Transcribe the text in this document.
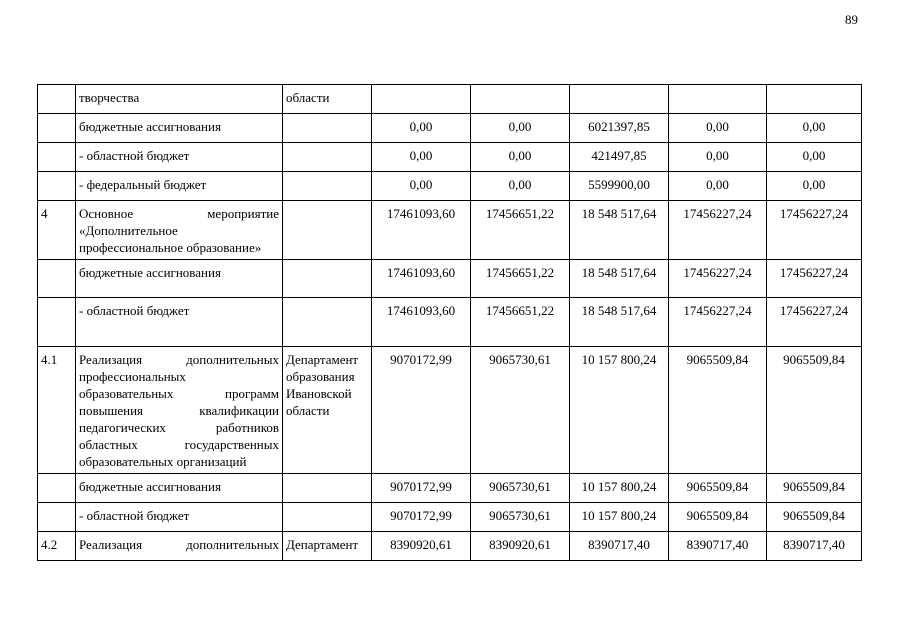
89
	творчества	области					
	бюджетные ассигнования		0,00	0,00	6021397,85	0,00	0,00
	- областной бюджет		0,00	0,00	421497,85	0,00	0,00
	- федеральный бюджет		0,00	0,00	5599900,00	0,00	0,00
4	Основное мероприятие «Дополнительное профессиональное образование»		17461093,60	17456651,22	18 548 517,64	17456227,24	17456227,24
	бюджетные ассигнования		17461093,60	17456651,22	18 548 517,64	17456227,24	17456227,24
	- областной бюджет		17461093,60	17456651,22	18 548 517,64	17456227,24	17456227,24
4.1	Реализация дополнительных профессиональных образовательных программ повышения квалификации педагогических работников областных государственных образовательных организаций	Департамент образования Ивановской области	9070172,99	9065730,61	10 157 800,24	9065509,84	9065509,84
	бюджетные ассигнования		9070172,99	9065730,61	10 157 800,24	9065509,84	9065509,84
	- областной бюджет		9070172,99	9065730,61	10 157 800,24	9065509,84	9065509,84
4.2	Реализация дополнительных	Департамент	8390920,61	8390920,61	8390717,40	8390717,40	8390717,40
